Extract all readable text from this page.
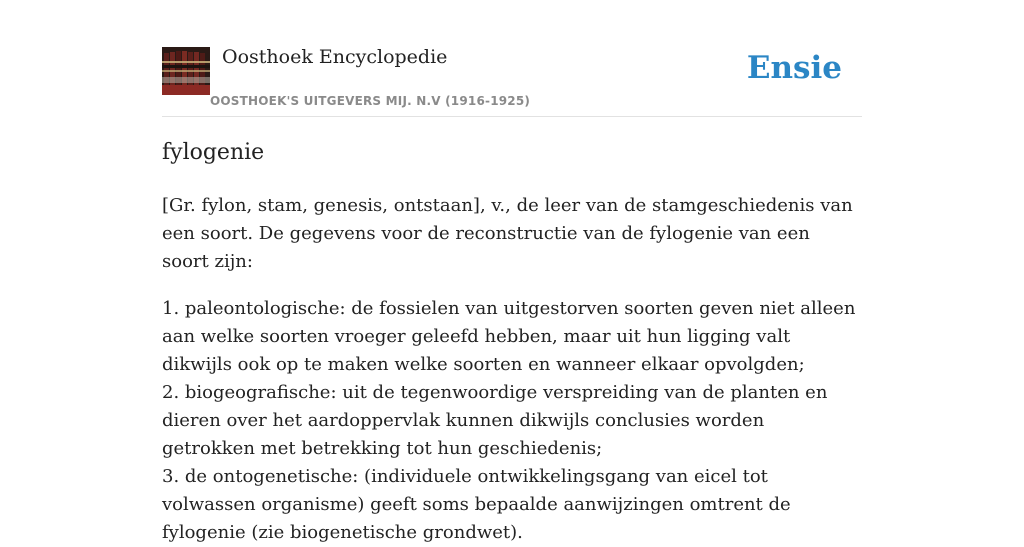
Oosthoek Encyclopedie
OOSTHOEK'S UITGEVERS MIJ. N.V (1916-1925)
Ensie
fylogenie

[Gr. fylon, stam, genesis, ontstaan], v., de leer van de stamgeschiedenis van een soort. De gegevens voor de reconstructie van de fylogenie van een soort zijn:

1. paleontologische: de fossielen van uitgestorven soorten geven niet alleen aan welke soorten vroeger geleefd hebben, maar uit hun ligging valt dikwijls ook op te maken welke soorten en wanneer elkaar opvolgden;

2. biogeografische: uit de tegenwoordige verspreiding van de planten en dieren over het aardoppervlak kunnen dikwijls conclusies worden getrokken met betrekking tot hun geschiedenis;

3. de ontogenetische: (individuele ontwikkelingsgang van eicel tot volwassen organisme) geeft soms bepaalde aanwijzingen omtrent de fylogenie (zie biogenetische grondwet).
